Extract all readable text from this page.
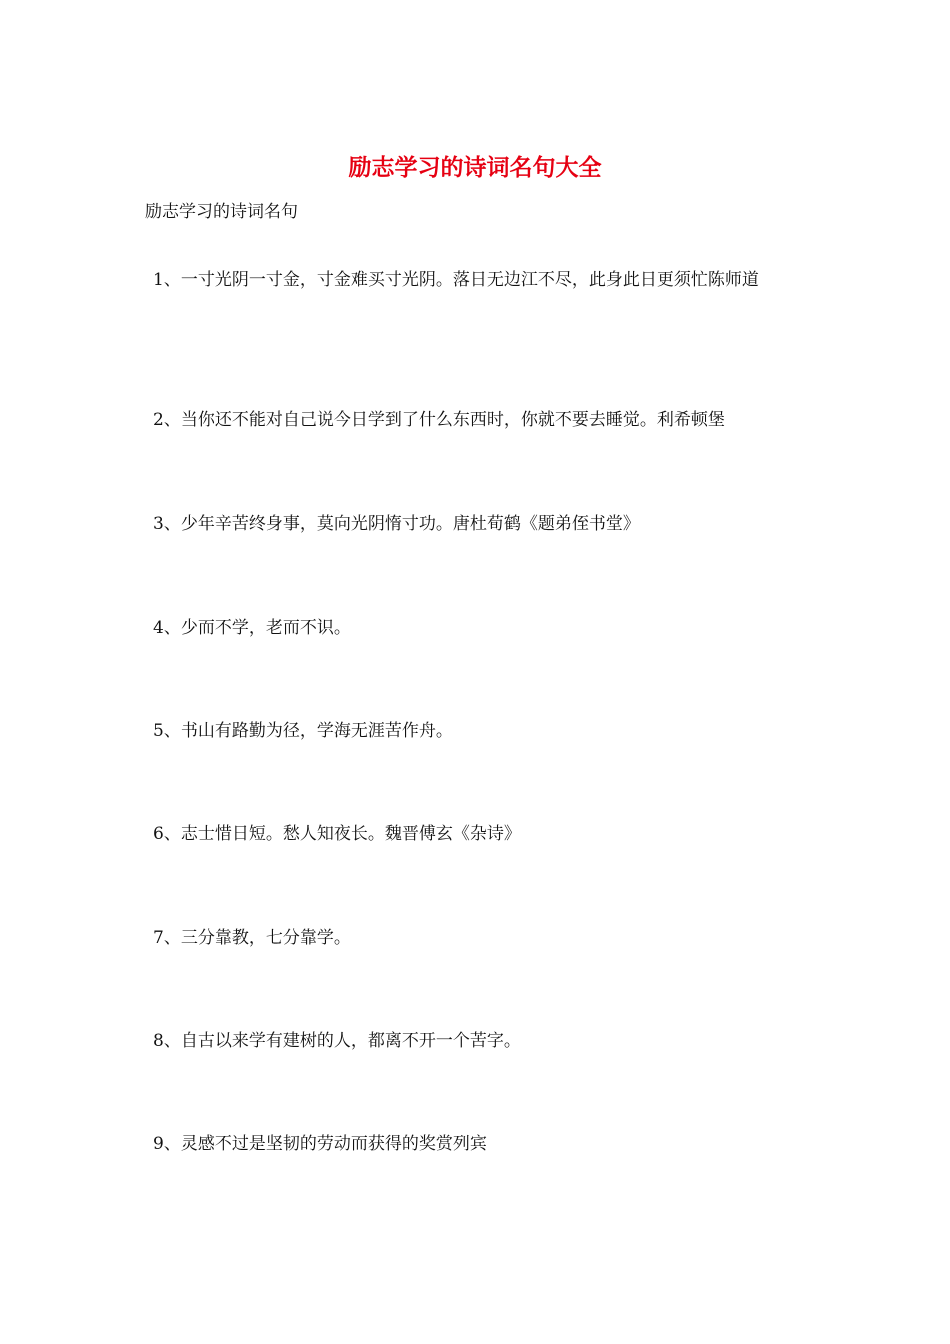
励志学习的诗词名句大全
励志学习的诗词名句
1、一寸光阴一寸金，寸金难买寸光阴。落日无边江不尽，此身此日更须忙陈师道
2、当你还不能对自己说今日学到了什么东西时，你就不要去睡觉。利希顿堡
3、少年辛苦终身事，莫向光阴惰寸功。唐杜荀鹤《题弟侄书堂》
4、少而不学，老而不识。
5、书山有路勤为径，学海无涯苦作舟。
6、志士惜日短。愁人知夜长。魏晋傅玄《杂诗》
7、三分靠教，七分靠学。
8、自古以来学有建树的人，都离不开一个苦字。
9、灵感不过是坚韧的劳动而获得的奖赏列宾
